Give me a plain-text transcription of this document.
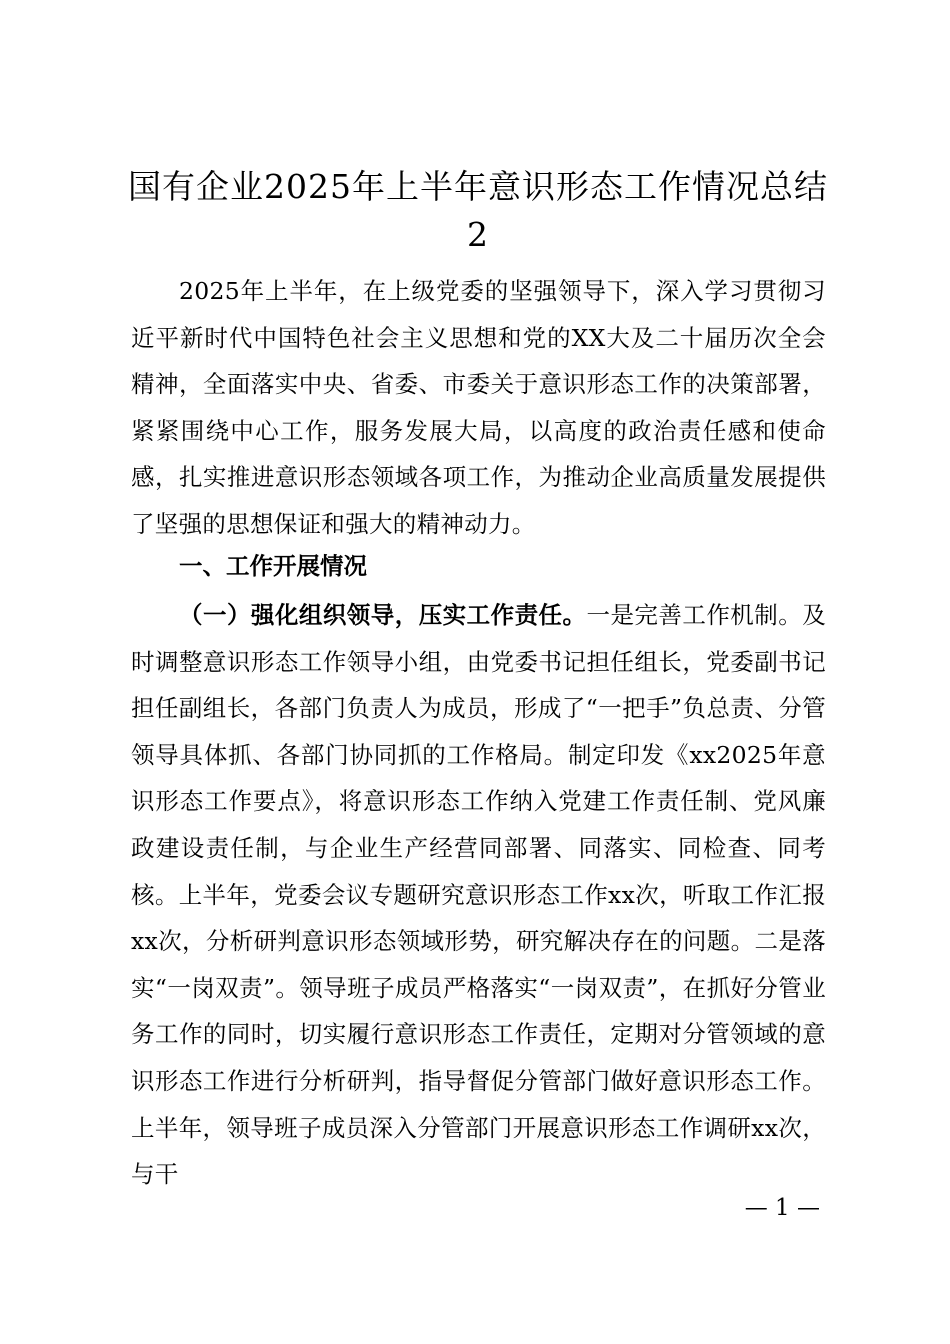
国有企业2025年上半年意识形态工作情况总结2

2025年上半年，在上级党委的坚强领导下，深入学习贯彻习近平新时代中国特色社会主义思想和党的XX大及二十届历次全会精神，全面落实中央、省委、市委关于意识形态工作的决策部署，紧紧围绕中心工作，服务发展大局，以高度的政治责任感和使命感，扎实推进意识形态领域各项工作，为推动企业高质量发展提供了坚强的思想保证和强大的精神动力。

一、工作开展情况

（一）强化组织领导，压实工作责任。一是完善工作机制。及时调整意识形态工作领导小组，由党委书记担任组长，党委副书记担任副组长，各部门负责人为成员，形成了“一把手”负总责、分管领导具体抓、各部门协同抓的工作格局。制定印发《xx2025年意识形态工作要点》，将意识形态工作纳入党建工作责任制、党风廉政建设责任制，与企业生产经营同部署、同落实、同检查、同考核。上半年，党委会议专题研究意识形态工作xx次，听取工作汇报xx次，分析研判意识形态领域形势，研究解决存在的问题。二是落实“一岗双责”。领导班子成员严格落实“一岗双责”，在抓好分管业务工作的同时，切实履行意识形态工作责任，定期对分管领域的意识形态工作进行分析研判，指导督促分管部门做好意识形态工作。上半年，领导班子成员深入分管部门开展意识形态工作调研xx次，与干

— 1 —
